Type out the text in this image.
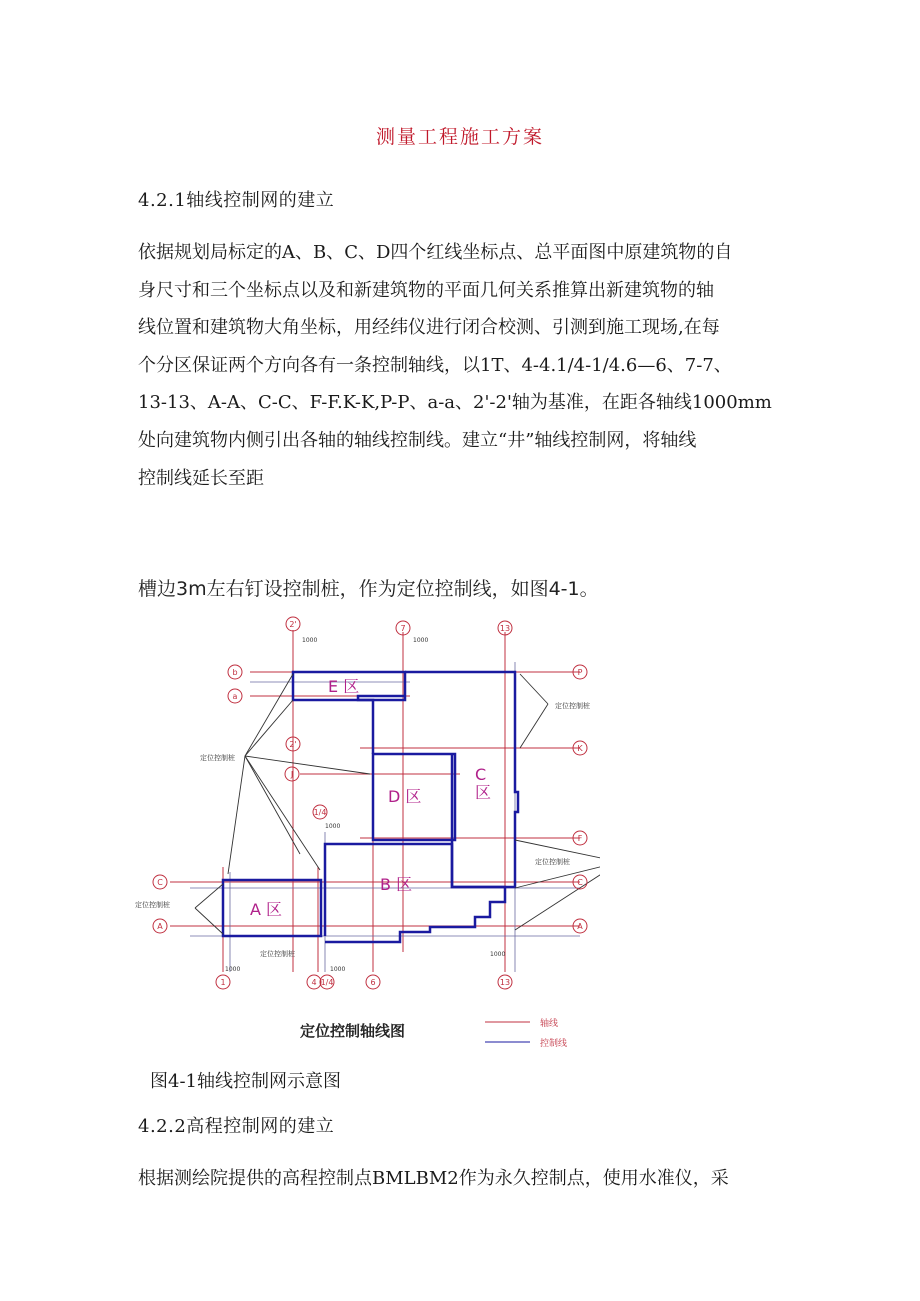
测量工程施工方案
4.2.1轴线控制网的建立
依据规划局标定的A、B、C、D四个红线坐标点、总平面图中原建筑物的自
身尺寸和三个坐标点以及和新建筑物的平面几何关系推算出新建筑物的轴
线位置和建筑物大角坐标，用经纬仪进行闭合校测、引测到施工现场,在每
个分区保证两个方向各有一条控制轴线，以1T、4-4.1/4-1/4.6—6、7-7、
13-13、A-A、C-C、F-F.K-K,P-P、a-a、2'-2'轴为基准，在距各轴线1000mm
处向建筑物内侧引出各轴的轴线控制线。建立“井”轴线控制网，将轴线
控制线延长至距
槽边3m左右钉设控制桩，作为定位控制线，如图4-1。
E 区
A 区
B 区
D 区
C
区
定位控制桩
定位控制桩
定位控制桩
定位控制桩
定位控制桩
1000	1000
1000	1000
1000
1000
2'	7	13
b
a
2'
P
K
J
1/4
F
C	C
A	A
1	4 1/4	6	13
定位控制轴线图	轴线
控制线
图4-1轴线控制网示意图
4.2.2高程控制网的建立
根据测绘院提供的高程控制点BMLBM2作为永久控制点，使用水准仪，采
